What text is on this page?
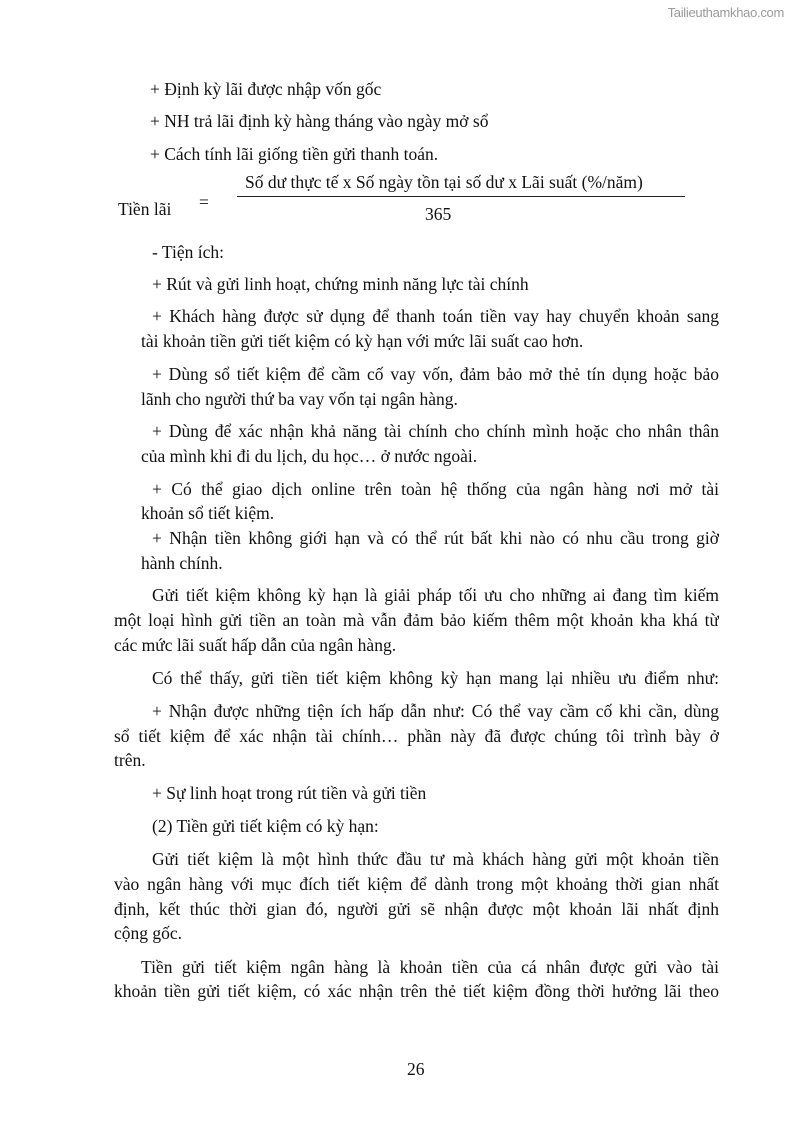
Tailieuthamkhao.com
+ Định kỳ lãi được nhập vốn gốc
+ NH trả lãi định kỳ hàng tháng vào ngày mở sổ
+ Cách tính lãi giống tiền gửi thanh toán.
Số dư thực tế x Số ngày tồn tại số dư x Lãi suất (%/năm)
Tiền lãi =
365
- Tiện ích:
+ Rút và gửi linh hoạt, chứng minh năng lực tài chính
+ Khách hàng được sử dụng để thanh toán tiền vay hay chuyển khoản sang
tài khoản tiền gửi tiết kiệm có kỳ hạn với mức lãi suất cao hơn.
+ Dùng sổ tiết kiệm để cầm cố vay vốn, đảm bảo mở thẻ tín dụng hoặc bảo
lãnh cho người thứ ba vay vốn tại ngân hàng.
+ Dùng để xác nhận khả năng tài chính cho chính mình hoặc cho nhân thân
của mình khi đi du lịch, du học… ở nước ngoài.
+ Có thể giao dịch online trên toàn hệ thống của ngân hàng nơi mở tài
khoản sổ tiết kiệm.
+ Nhận tiền không giới hạn và có thể rút bất khi nào có nhu cầu trong giờ
hành chính.
Gửi tiết kiệm không kỳ hạn là giải pháp tối ưu cho những ai đang tìm kiếm
một loại hình gửi tiền an toàn mà vẫn đảm bảo kiếm thêm một khoản kha khá từ
các mức lãi suất hấp dẫn của ngân hàng.
Có thể thấy, gửi tiền tiết kiệm không kỳ hạn mang lại nhiều ưu điểm như:
+ Nhận được những tiện ích hấp dẫn như: Có thể vay cầm cố khi cần, dùng
sổ tiết kiệm để xác nhận tài chính… phần này đã được chúng tôi trình bày ở
trên.
+ Sự linh hoạt trong rút tiền và gửi tiền
(2) Tiền gửi tiết kiệm có kỳ hạn:
Gửi tiết kiệm là một hình thức đầu tư mà khách hàng gửi một khoản tiền
vào ngân hàng với mục đích tiết kiệm để dành trong một khoảng thời gian nhất
định, kết thúc thời gian đó, người gửi sẽ nhận được một khoản lãi nhất định
cộng gốc.
Tiền gửi tiết kiệm ngân hàng là khoản tiền của cá nhân được gửi vào tài
khoản tiền gửi tiết kiệm, có xác nhận trên thẻ tiết kiệm đồng thời hưởng lãi theo
26
